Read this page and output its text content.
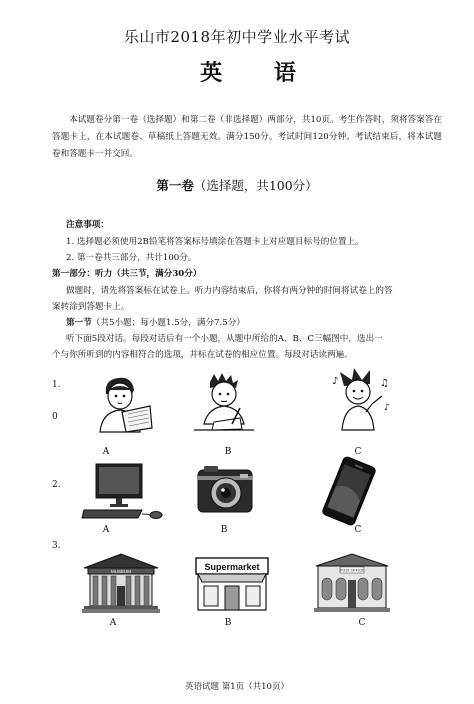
乐山市2018年初中学业水平考试
英 语
本试题卷分第一卷（选择题）和第二卷（非选择题）两部分，共10页。考生作答时，须将答案答在答题卡上，在本试题卷、草稿纸上答题无效。满分150分。考试时间120分钟。考试结束后，将本试题卷和答题卡一并交回。
第一卷（选择题，共100分）
注意事项：
1. 选择题必须使用2B铅笔将答案标号填涂在答题卡上对应题目标号的位置上。
2. 第一卷共三部分，共计100分。
第一部分：听力（共三节，满分30分）
做题时，请先将答案标在试卷上。听力内容结束后，你将有两分钟的时间将试卷上的答
案转涂到答题卡上。
第一节（共5小题；每小题1.5分，满分7.5分）
听下面5段对话。每段对话后有一个小题，从题中所给的A、B、C三幅图中，选出一
个与你所听到的内容相符合的选项，并标在试卷的相应位置。每段对话读两遍。
1.
0
A	B
♪	♫
♪
C
2.
A	B	C
3.
MUSEUM
A
Supermarket
B
POST OFFICE
C
英语试题 第1页（共10页）
